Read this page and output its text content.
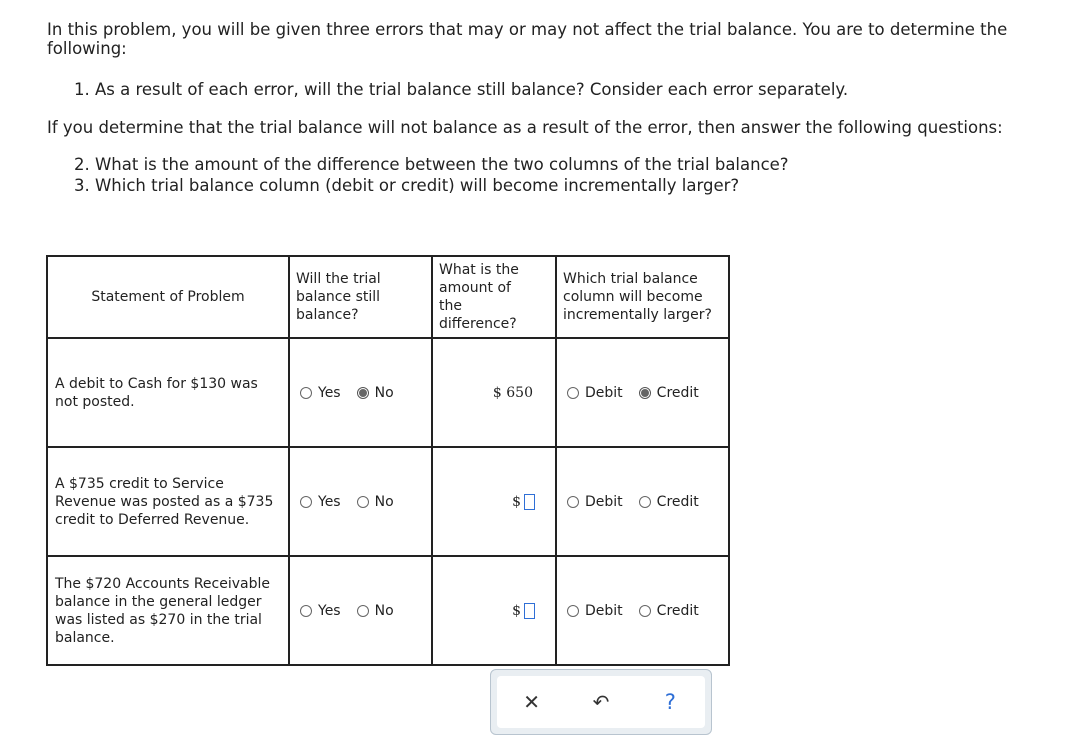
In this problem, you will be given three errors that may or may not affect the trial balance. You are to determine the following:

1. As a result of each error, will the trial balance still balance? Consider each error separately.
If you determine that the trial balance will not balance as a result of the error, then answer the following questions:
2. What is the amount of the difference between the two columns of the trial balance?
3. Which trial balance column (debit or credit) will become incrementally larger?
Statement of Problem	Will the trial
balance still
balance?	What is the
amount of
the
difference?	Which trial balance
column will become
incrementally larger?

A debit to Cash for $130 was
not posted.	Yes No	$ 650	Debit Credit

A $735 credit to Service
Revenue was posted as a $735
credit to Deferred Revenue.	Yes No	$	Debit Credit

The $720 Accounts Receivable
balance in the general ledger
was listed as $270 in the trial
balance.	Yes No	$	Debit Credit
✕	↶	?
